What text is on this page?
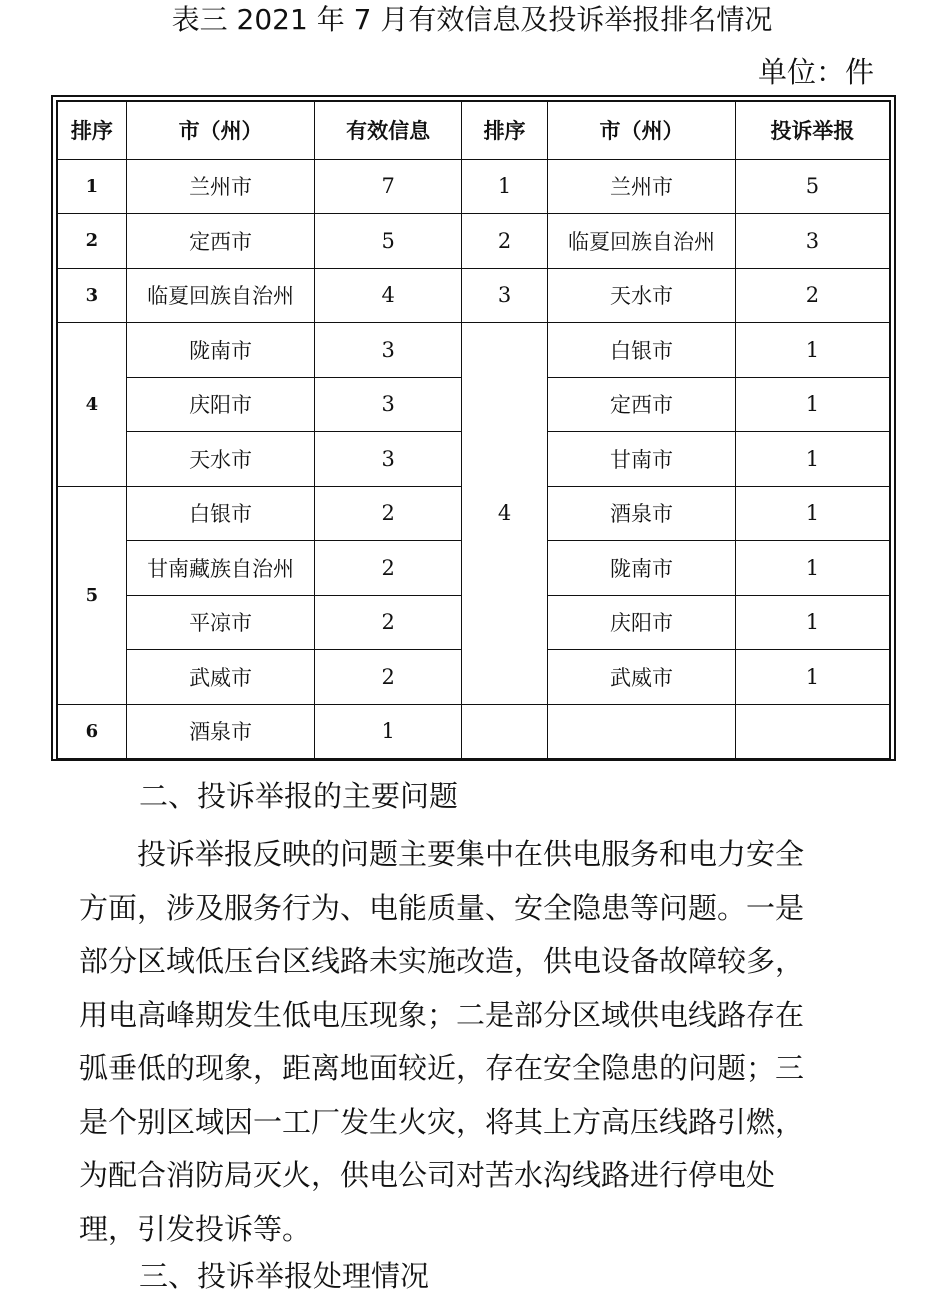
表三 2021 年 7 月有效信息及投诉举报排名情况
单位：件
排序	市（州）	有效信息	排序	市（州）	投诉举报
1	兰州市	7	1	兰州市	5
2	定西市	5	2	临夏回族自治州	3
3	临夏回族自治州	4	3	天水市	2
4	陇南市	3	4	白银市	1
	庆阳市	3		定西市	1
	天水市	3		甘南市	1
5	白银市	2		酒泉市	1
	甘南藏族自治州	2		陇南市	1
	平凉市	2		庆阳市	1
	武威市	2		武威市	1
6	酒泉市	1			
二、投诉举报的主要问题
　　投诉举报反映的问题主要集中在供电服务和电力安全
方面，涉及服务行为、电能质量、安全隐患等问题。一是
部分区域低压台区线路未实施改造，供电设备故障较多，
用电高峰期发生低电压现象；二是部分区域供电线路存在
弧垂低的现象，距离地面较近，存在安全隐患的问题；三
是个别区域因一工厂发生火灾，将其上方高压线路引燃，
为配合消防局灭火，供电公司对苦水沟线路进行停电处
理，引发投诉等。
三、投诉举报处理情况
